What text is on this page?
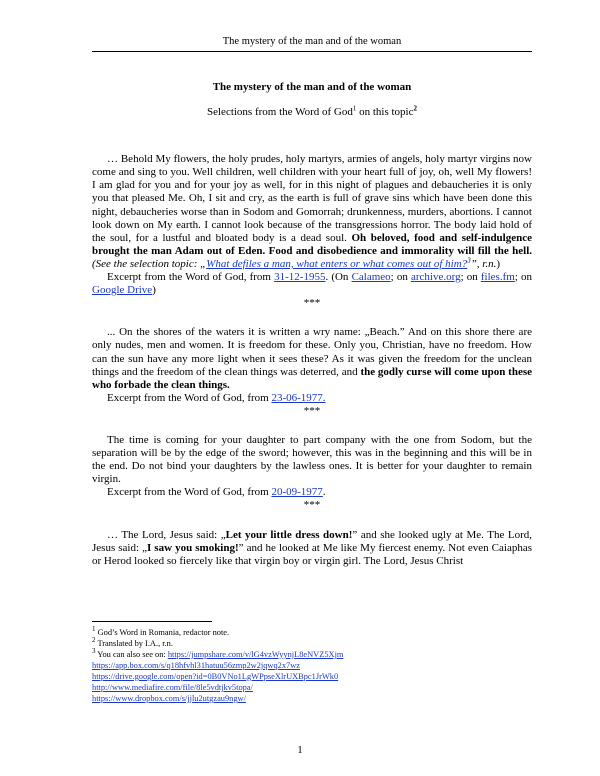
The mystery of the man and of the woman

The mystery of the man and of the woman

Selections from the Word of God$^1$ on this topic$^2$

… Behold My flowers, the holy prudes, holy martyrs, armies of angels, holy martyr virgins now come and sing to you. Well children, well children with your heart full of joy, oh, well My flowers! I am glad for you and for your joy as well, for in this night of plagues and debaucheries it is only you that pleased Me. Oh, I sit and cry, as the earth is full of grave sins which have been done this night, debaucheries worse than in Sodom and Gomorrah; drunkenness, murders, abortions. I cannot look down on My earth. I cannot look because of the transgressions horror. The body laid hold of the soul, for a lustful and bloated body is a dead soul. Oh beloved, food and self-indulgence brought the man Adam out of Eden. Food and disobedience and immorality will fill the hell. (See the selection topic: „What defiles a man, what enters or what comes out of him?$^3$”, r.n.)

Excerpt from the Word of God, from 31-12-1955. (On Calameo; on archive.org; on files.fm; on Google Drive)

***

... On the shores of the waters it is written a wry name: „Beach.” And on this shore there are only nudes, men and women. It is freedom for these. Only you, Christian, have no freedom. How can the sun have any more light when it sees these? As it was given the freedom for the unclean things and the freedom of the clean things was deterred, and the godly curse will come upon these who forbade the clean things.

Excerpt from the Word of God, from 23-06-1977.

***

The time is coming for your daughter to part company with the one from Sodom, but the separation will be by the edge of the sword; however, this was in the beginning and this will be in the end. Do not bind your daughters by the lawless ones. It is better for your daughter to remain virgin.

Excerpt from the Word of God, from 20-09-1977.

***

… The Lord, Jesus said: „Let your little dress down!” and she looked ugly at Me. The Lord, Jesus said: „I saw you smoking!” and he looked at Me like My fiercest enemy. Not even Caiaphas or Herod looked so fiercely like that virgin boy or virgin girl. The Lord, Jesus Christ

$^1$ God’s Word in Romania, redactor note.
$^2$ Translated by I.A., r.n.
$^3$ You can also see on: https://jumpshare.com/v/lG4vzWyynjL8eNVZ5Xjm
https://app.box.com/s/q18hfvhl31hatuu56zmp2w2jqwq2x7wz
https://drive.google.com/open?id=0B0VNo1LgWPpseXlrUXBpc1JrWk0
http://www.mediafire.com/file/8le5vdtjkv5topa/
https://www.dropbox.com/s/jjlu2utgzau9ngw/
1
